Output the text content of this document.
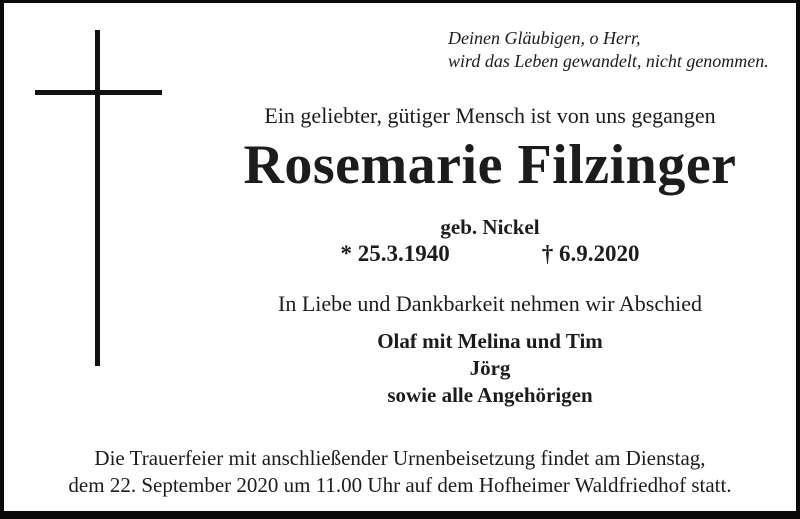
Deinen Gläubigen, o Herr,
wird das Leben gewandelt, nicht genommen.
Ein geliebter, gütiger Mensch ist von uns gegangen
Rosemarie Filzinger
geb. Nickel
* 25.3.1940	† 6.9.2020
In Liebe und Dankbarkeit nehmen wir Abschied
Olaf mit Melina und Tim
Jörg
sowie alle Angehörigen
Die Trauerfeier mit anschließender Urnenbeisetzung findet am Dienstag,
dem 22. September 2020 um 11.00 Uhr auf dem Hofheimer Waldfriedhof statt.
